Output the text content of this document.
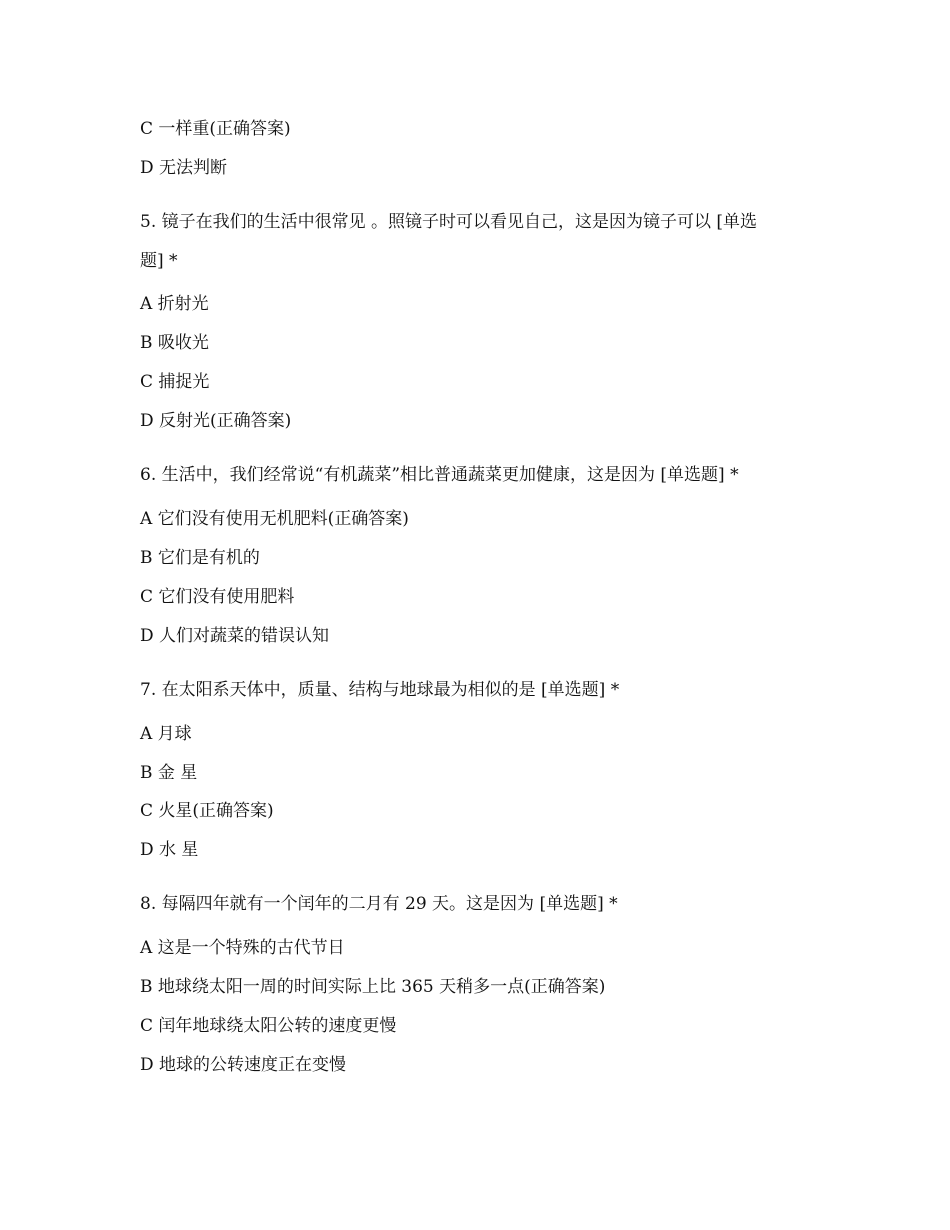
C 一样重(正确答案)
D 无法判断
5. 镜子在我们的生活中很常见 。照镜子时可以看见自己，这是因为镜子可以 [单选
题] *
A 折射光
B 吸收光
C 捕捉光
D 反射光(正确答案)
6. 生活中，我们经常说“有机蔬菜”相比普通蔬菜更加健康，这是因为 [单选题] *
A 它们没有使用无机肥料(正确答案)
B 它们是有机的
C 它们没有使用肥料
D 人们对蔬菜的错误认知
7. 在太阳系天体中，质量、结构与地球最为相似的是 [单选题] *
A 月球
B 金 星
C 火星(正确答案)
D 水 星
8. 每隔四年就有一个闰年的二月有 29 天。这是因为 [单选题] *
A 这是一个特殊的古代节日
B 地球绕太阳一周的时间实际上比 365 天稍多一点(正确答案)
C 闰年地球绕太阳公转的速度更慢
D 地球的公转速度正在变慢
